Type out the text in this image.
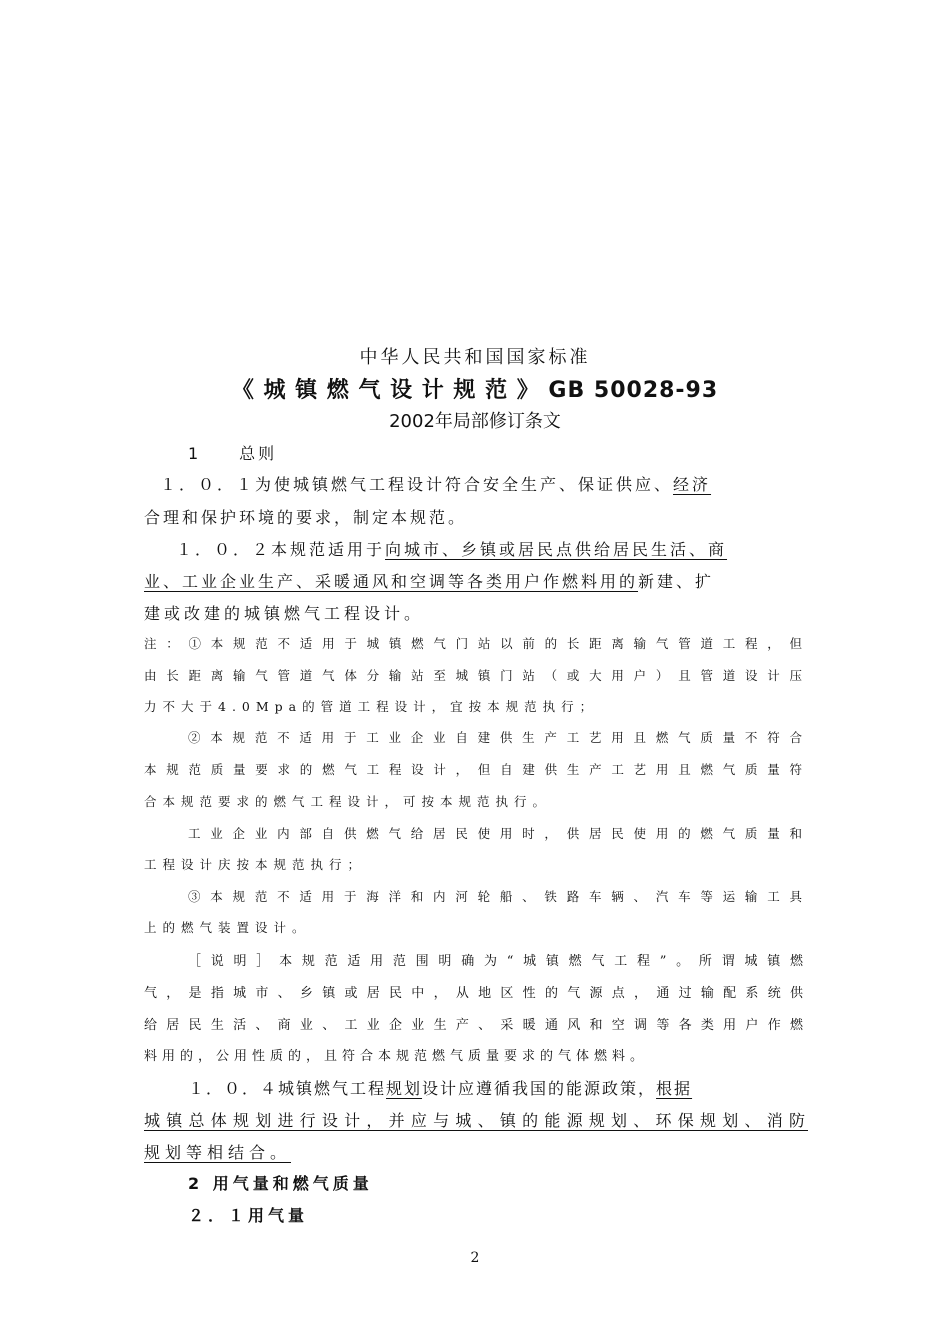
中华人民共和国国家标准
《 城 镇 燃 气 设 计 规 范 》 GB 50028-93
2002年局部修订条文
1　　总则
１．０．１为使城镇燃气工程设计符合安全生产、保证供应、经济
合理和保护环境的要求，制定本规范。
１．０．２本规范适用于向城市、乡镇或居民点供给居民生活、商
业、工业企业生产、采暖通风和空调等各类用户作燃料用的新建、扩
建或改建的城镇燃气工程设计。
注：①本规范不适用于城镇燃气门站以前的长距离输气管道工程，但
由长距离输气管道气体分输站至城镇门站（或大用户）且管道设计压
力不大于4.0Mpa的管道工程设计，宜按本规范执行；
②本规范不适用于工业企业自建供生产工艺用且燃气质量不符合
本规范质量要求的燃气工程设计，但自建供生产工艺用且燃气质量符
合本规范要求的燃气工程设计，可按本规范执行。
工业企业内部自供燃气给居民使用时，供居民使用的燃气质量和
工程设计庆按本规范执行；
③本规范不适用于海洋和内河轮船、铁路车辆、汽车等运输工具
上的燃气装置设计。
［说明］本规范适用范围明确为“城镇燃气工程”。所谓城镇燃
气，是指城市、乡镇或居民中，从地区性的气源点，通过输配系统供
给居民生活、商业、工业企业生产、采暖通风和空调等各类用户作燃
料用的，公用性质的，且符合本规范燃气质量要求的气体燃料。
１．０．４城镇燃气工程规划设计应遵循我国的能源政策，根据
城镇总体规划进行设计，并应与城、镇的能源规划、环保规划、消防
规划等相结合。
2 用气量和燃气质量
２．１用气量
2
